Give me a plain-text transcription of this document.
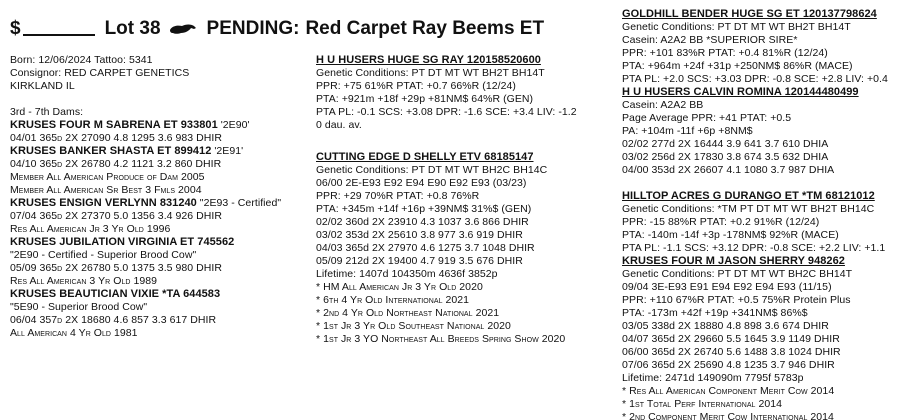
$	Lot 38 PENDING: Red Carpet Ray Beems ET
Born: 12/06/2024 Tattoo: 5341
Consignor: RED CARPET GENETICS
KIRKLAND IL
3rd - 7th Dams:
KRUSES FOUR M SABRENA ET 933801 '2E90'
04/01 365d 2X 27090 4.8 1295 3.6 983 DHIR
KRUSES BANKER SHASTA ET 899412 '2E91'
04/10 365d 2X 26780 4.2 1121 3.2 860 DHIR
Member All American Produce of Dam 2005
Member All American Sr Best 3 Fmls 2004
KRUSES ENSIGN VERLYNN 831240 "2E93 - Certified"
07/04 365d 2X 27370 5.0 1356 3.4 926 DHIR
Res All American Jr 3 Yr Old 1996
KRUSES JUBILATION VIRGINIA ET 745562
"2E90 - Certified - Superior Brood Cow"
05/09 365d 2X 26780 5.0 1375 3.5 980 DHIR
Res All American 3 Yr Old 1989
KRUSES BEAUTICIAN VIXIE *TA 644583
"5E90 - Superior Brood Cow"
06/04 357d 2X 18680 4.6 857 3.3 617 DHIR
All American 4 Yr Old 1981
H U HUSERS HUGE SG RAY 120158520600
Genetic Conditions: PT DT MT WT BH2T BH14T
PPR: +75 61%R PTAT: +0.7 66%R (12/24)
PTA: +921m +18f +29p +81NM$ 64%R (GEN)
PTA PL: -0.1 SCS: +3.08 DPR: -1.6 SCE: +3.4 LIV: -1.2
0 dau. av.
CUTTING EDGE D SHELLY ETV 68185147
Genetic Conditions: PT DT MT WT BH2C BH14C
06/00 2E-E93 E92 E94 E90 E92 E93 (03/23)
PPR: +29 70%R PTAT: +0.8 76%R
PTA: +345m +14f +16p +39NM$ 31%$ (GEN)
02/02 360d 2X 23910 4.3 1037 3.6 866 DHIR
03/02 353d 2X 25610 3.8 977 3.6 919 DHIR
04/03 365d 2X 27970 4.6 1275 3.7 1048 DHIR
05/09 212d 2X 19400 4.7 919 3.5 676 DHIR
Lifetime: 1407d 104350m 4636f 3852p
* HM All American Jr 3 Yr Old 2020
* 6th 4 Yr Old International 2021
* 2nd 4 Yr Old Northeast National 2021
* 1st Jr 3 Yr Old Southeast National 2020
* 1st Jr 3 YO Northeast All Breeds Spring Show 2020
GOLDHILL BENDER HUGE SG ET 120137798624
Genetic Conditions: PT DT MT WT BH2T BH14T
Casein: A2A2 BB *SUPERIOR SIRE*
PPR: +101 83%R PTAT: +0.4 81%R (12/24)
PTA: +964m +24f +31p +250NM$ 86%R (MACE)
PTA PL: +2.0 SCS: +3.03 DPR: -0.8 SCE: +2.8 LIV: +0.4
H U HUSERS CALVIN ROMINA 120144480499
Casein: A2A2 BB
Page Average PPR: +41 PTAT: +0.5
PA: +104m -11f +6p +8NM$
02/02 277d 2X 16444 3.9 641 3.7 610 DHIA
03/02 256d 2X 17830 3.8 674 3.5 632 DHIA
04/00 353d 2X 26607 4.1 1080 3.7 987 DHIA
HILLTOP ACRES G DURANGO ET *TM 68121012
Genetic Conditions: *TM PT DT MT WT BH2T BH14C
PPR: -15 88%R PTAT: +0.2 91%R (12/24)
PTA: -140m -14f +3p -178NM$ 92%R (MACE)
PTA PL: -1.1 SCS: +3.12 DPR: -0.8 SCE: +2.2 LIV: +1.1
KRUSES FOUR M JASON SHERRY 948262
Genetic Conditions: PT DT MT WT BH2C BH14T
09/04 3E-E93 E91 E94 E92 E94 E93 (11/15)
PPR: +110 67%R PTAT: +0.5 75%R Protein Plus
PTA: -173m +42f +19p +341NM$ 86%$
03/05 338d 2X 18880 4.8 898 3.6 674 DHIR
04/07 365d 2X 29660 5.5 1645 3.9 1149 DHIR
06/00 365d 2X 26740 5.6 1488 3.8 1024 DHIR
07/06 365d 2X 25690 4.8 1235 3.7 946 DHIR
Lifetime: 2471d 149090m 7795f 5783p
* Res All American Component Merit Cow 2014
* 1st Total Perf International 2014
* 2nd Component Merit Cow International 2014
